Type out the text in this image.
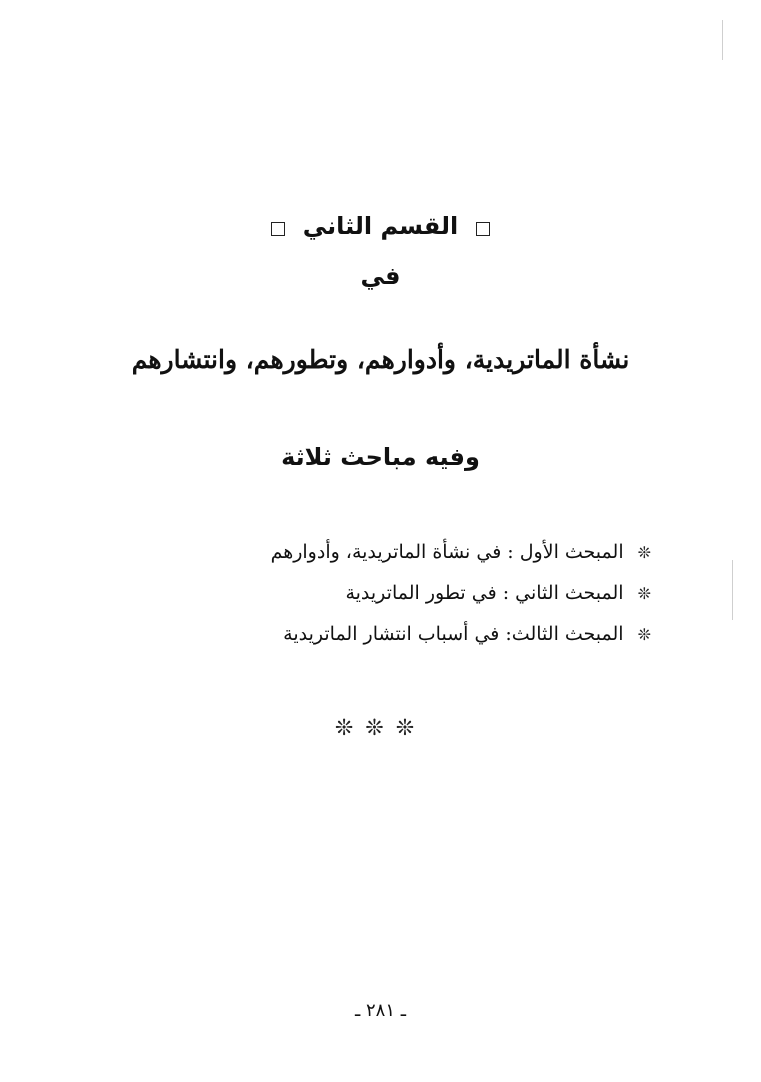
القسم الثاني
في
نشأة الماتريدية، وأدوارهم، وتطورهم، وانتشارهم
وفيه مباحث ثلاثة
❊
المبحث الأول : في نشأة الماتريدية، وأدوارهم
❊
المبحث الثاني : في تطور الماتريدية
❊
المبحث الثالث: في أسباب انتشار الماتريدية
❊❊❊
ـ ٢٨١ ـ
